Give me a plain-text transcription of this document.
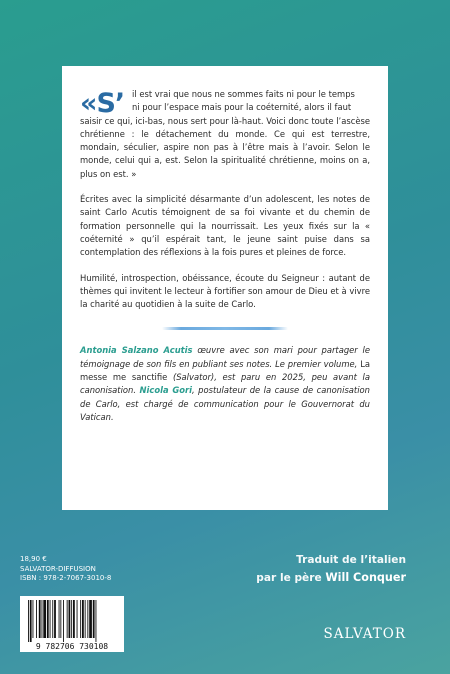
«S’ il est vrai que nous ne sommes faits ni pour le temps
ni pour l’espace mais pour la coéternité, alors il faut

saisir ce qui, ici-bas, nous sert pour là-haut. Voici donc toute l’ascèse chrétienne : le détachement du monde. Ce qui est terrestre, mondain, séculier, aspire non pas à l’être mais à l’avoir. Selon le monde, celui qui a, est. Selon la spiritualité chrétienne, moins on a, plus on est. »

Écrites avec la simplicité désarmante d’un adolescent, les notes de saint Carlo Acutis témoignent de sa foi vivante et du chemin de formation personnelle qui la nourrissait. Les yeux fixés sur la « coéternité » qu’il espérait tant, le jeune saint puise dans sa contemplation des réflexions à la fois pures et pleines de force.

Humilité, introspection, obéissance, écoute du Seigneur : autant de thèmes qui invitent le lecteur à fortifier son amour de Dieu et à vivre la charité au quotidien à la suite de Carlo.

Antonia Salzano Acutis œuvre avec son mari pour partager le témoignage de son fils en publiant ses notes. Le premier volume, La messe me sanctifie (Salvator), est paru en 2025, peu avant la canonisation. Nicola Gori, postulateur de la cause de canonisation de Carlo, est chargé de communication pour le Gouvernorat du Vatican.

18,90 €
SALVATOR-DIFFUSION
ISBN : 978-2-7067-3010-8
9 782706 730108
Traduit de l’italien
par le père Will Conquer
SALVATOR
